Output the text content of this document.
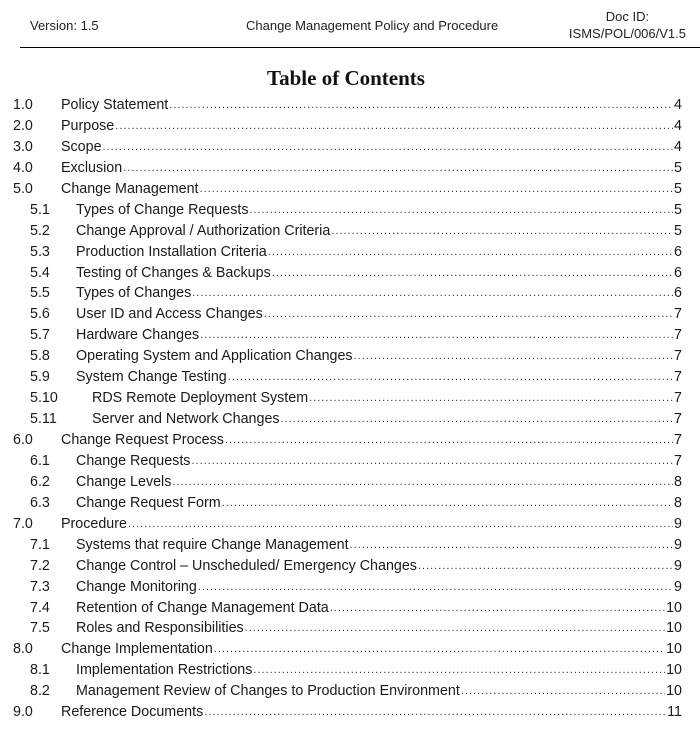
Version: 1.5	Change Management Policy and Procedure
Doc ID:
ISMS/POL/006/V1.5
Table of Contents
1.0 Policy Statement .....	4
2.0 Purpose .....	4
3.0 Scope .....	4
4.0 Exclusion .....	5
5.0 Change Management .....	5
5.1 Types of Change Requests .....	5
5.2 Change Approval / Authorization Criteria .....	5
5.3 Production Installation Criteria .....	6
5.4 Testing of Changes & Backups .....	6
5.5 Types of Changes .....	6
5.6 User ID and Access Changes .....	7
5.7 Hardware Changes .....	7
5.8 Operating System and Application Changes .....	7
5.9 System Change Testing .....	7
5.10 RDS Remote Deployment System .....	7
5.11 Server and Network Changes .....	7
6.0 Change Request Process .....	7
6.1 Change Requests .....	7
6.2 Change Levels .....	8
6.3 Change Request Form .....	8
7.0 Procedure .....	9
7.1 Systems that require Change Management .....	9
7.2 Change Control – Unscheduled/ Emergency Changes .....	9
7.3 Change Monitoring .....	9
7.4 Retention of Change Management Data .....	10
7.5 Roles and Responsibilities .....	10
8.0 Change Implementation .....	10
8.1 Implementation Restrictions .....	10
8.2 Management Review of Changes to Production Environment .....	10
9.0 Reference Documents .....	11
